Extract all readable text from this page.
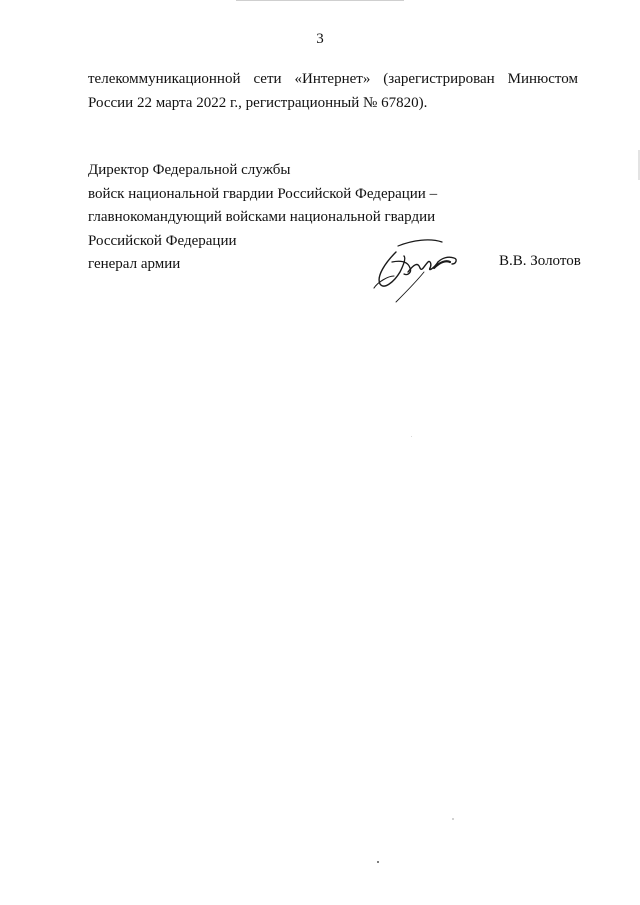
3
телекоммуникационной сети «Интернет» (зарегистрирован Минюстом
России 22 марта 2022 г., регистрационный № 67820).
Директор Федеральной службы
войск национальной гвардии Российской Федерации –
главнокомандующий войсками национальной гвардии
Российской Федерации
генерал армии	В.В. Золотов
